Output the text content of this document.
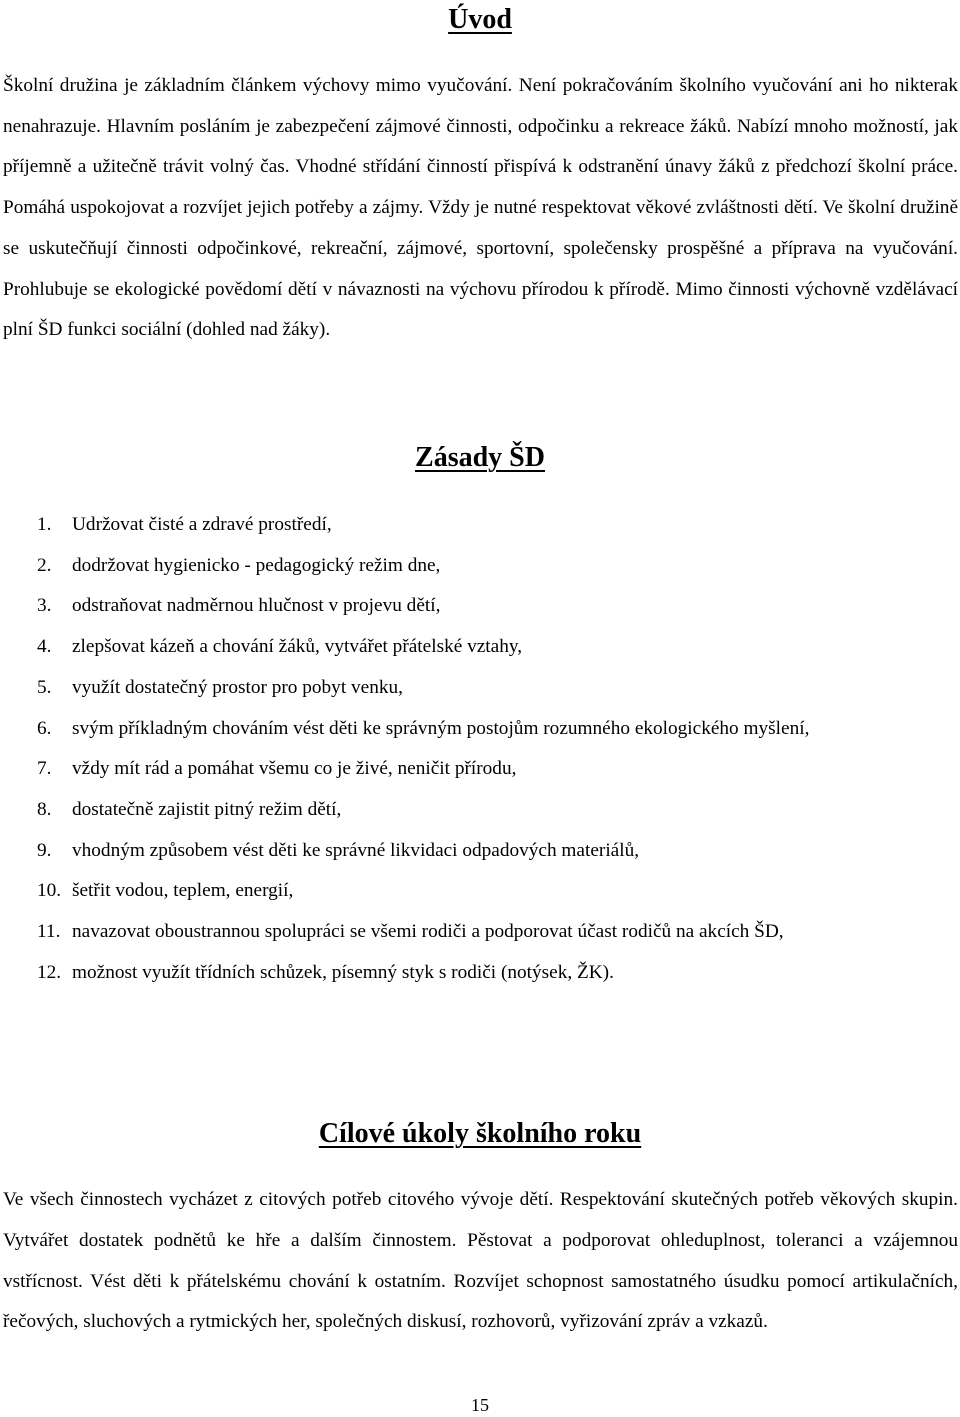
Úvod

Školní družina je základním článkem výchovy mimo vyučování. Není pokračováním školního vyučování ani ho nikterak nenahrazuje. Hlavním posláním je zabezpečení zájmové činnosti, odpočinku a rekreace žáků. Nabízí mnoho možností, jak příjemně a užitečně trávit volný čas. Vhodné střídání činností přispívá k odstranění únavy žáků z předchozí školní práce. Pomáhá uspokojovat a rozvíjet jejich potřeby a zájmy. Vždy je nutné respektovat věkové zvláštnosti dětí. Ve školní družině se uskutečňují činnosti odpočinkové, rekreační, zájmové, sportovní, společensky prospěšné a příprava na vyučování. Prohlubuje se ekologické povědomí dětí v návaznosti na výchovu přírodou k přírodě. Mimo činnosti výchovně vzdělávací plní ŠD funkci sociální (dohled nad žáky).

Zásady ŠD
1. Udržovat čisté a zdravé prostředí,
2. dodržovat hygienicko - pedagogický režim dne,
3. odstraňovat nadměrnou hlučnost v projevu dětí,
4. zlepšovat kázeň a chování žáků, vytvářet přátelské vztahy,
5. využít dostatečný prostor pro pobyt venku,
6. svým příkladným chováním vést děti ke správným postojům rozumného ekologického myšlení,
7. vždy mít rád a pomáhat všemu co je živé, neničit přírodu,
8. dostatečně zajistit pitný režim dětí,
9. vhodným způsobem vést děti ke správné likvidaci odpadových materiálů,
10. šetřit vodou, teplem, energií,
11. navazovat oboustrannou spolupráci se všemi rodiči a podporovat účast rodičů na akcích ŠD,
12. možnost využít třídních schůzek, písemný styk s rodiči (notýsek, ŽK).
Cílové úkoly školního roku

Ve všech činnostech vycházet z citových potřeb citového vývoje dětí. Respektování skutečných potřeb věkových skupin. Vytvářet dostatek podnětů ke hře a dalším činnostem. Pěstovat a podporovat ohleduplnost, toleranci a vzájemnou vstřícnost. Vést děti k přátelskému chování k ostatním. Rozvíjet schopnost samostatného úsudku pomocí artikulačních, řečových, sluchových a rytmických her, společných diskusí, rozhovorů, vyřizování zpráv a vzkazů.

15
